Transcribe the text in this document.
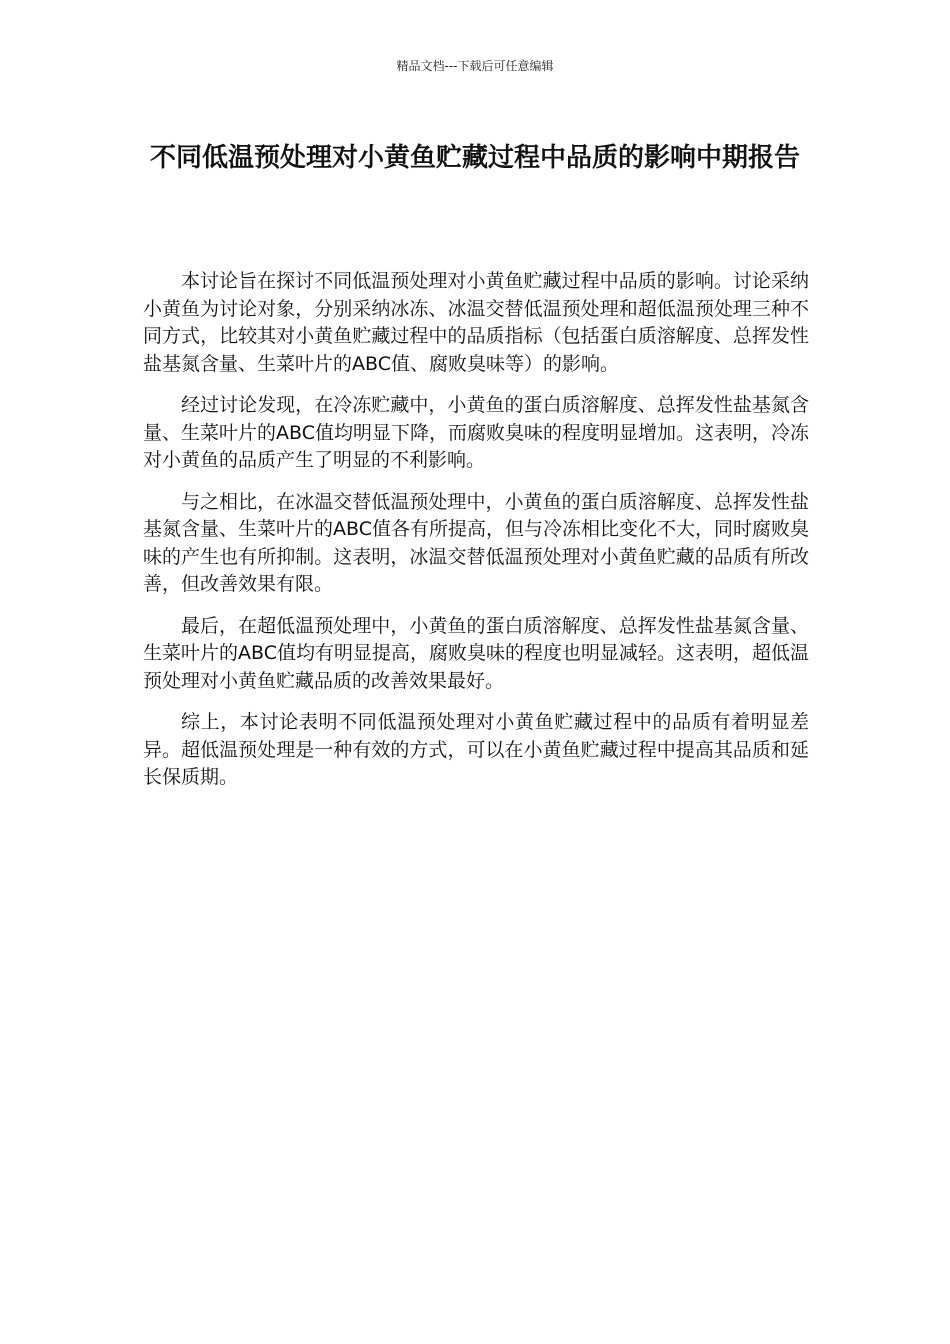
精品文档---下载后可任意编辑
不同低温预处理对小黄鱼贮藏过程中品质的影响中期报告

本讨论旨在探讨不同低温预处理对小黄鱼贮藏过程中品质的影响。讨论采纳小黄鱼为讨论对象，分别采纳冰冻、冰温交替低温预处理和超低温预处理三种不同方式，比较其对小黄鱼贮藏过程中的品质指标（包括蛋白质溶解度、总挥发性盐基氮含量、生菜叶片的ABC值、腐败臭味等）的影响。

经过讨论发现，在冷冻贮藏中，小黄鱼的蛋白质溶解度、总挥发性盐基氮含量、生菜叶片的ABC值均明显下降，而腐败臭味的程度明显增加。这表明，冷冻对小黄鱼的品质产生了明显的不利影响。

与之相比，在冰温交替低温预处理中，小黄鱼的蛋白质溶解度、总挥发性盐基氮含量、生菜叶片的ABC值各有所提高，但与冷冻相比变化不大，同时腐败臭味的产生也有所抑制。这表明，冰温交替低温预处理对小黄鱼贮藏的品质有所改善，但改善效果有限。

最后，在超低温预处理中，小黄鱼的蛋白质溶解度、总挥发性盐基氮含量、生菜叶片的ABC值均有明显提高，腐败臭味的程度也明显减轻。这表明，超低温预处理对小黄鱼贮藏品质的改善效果最好。

综上，本讨论表明不同低温预处理对小黄鱼贮藏过程中的品质有着明显差异。超低温预处理是一种有效的方式，可以在小黄鱼贮藏过程中提高其品质和延长保质期。
